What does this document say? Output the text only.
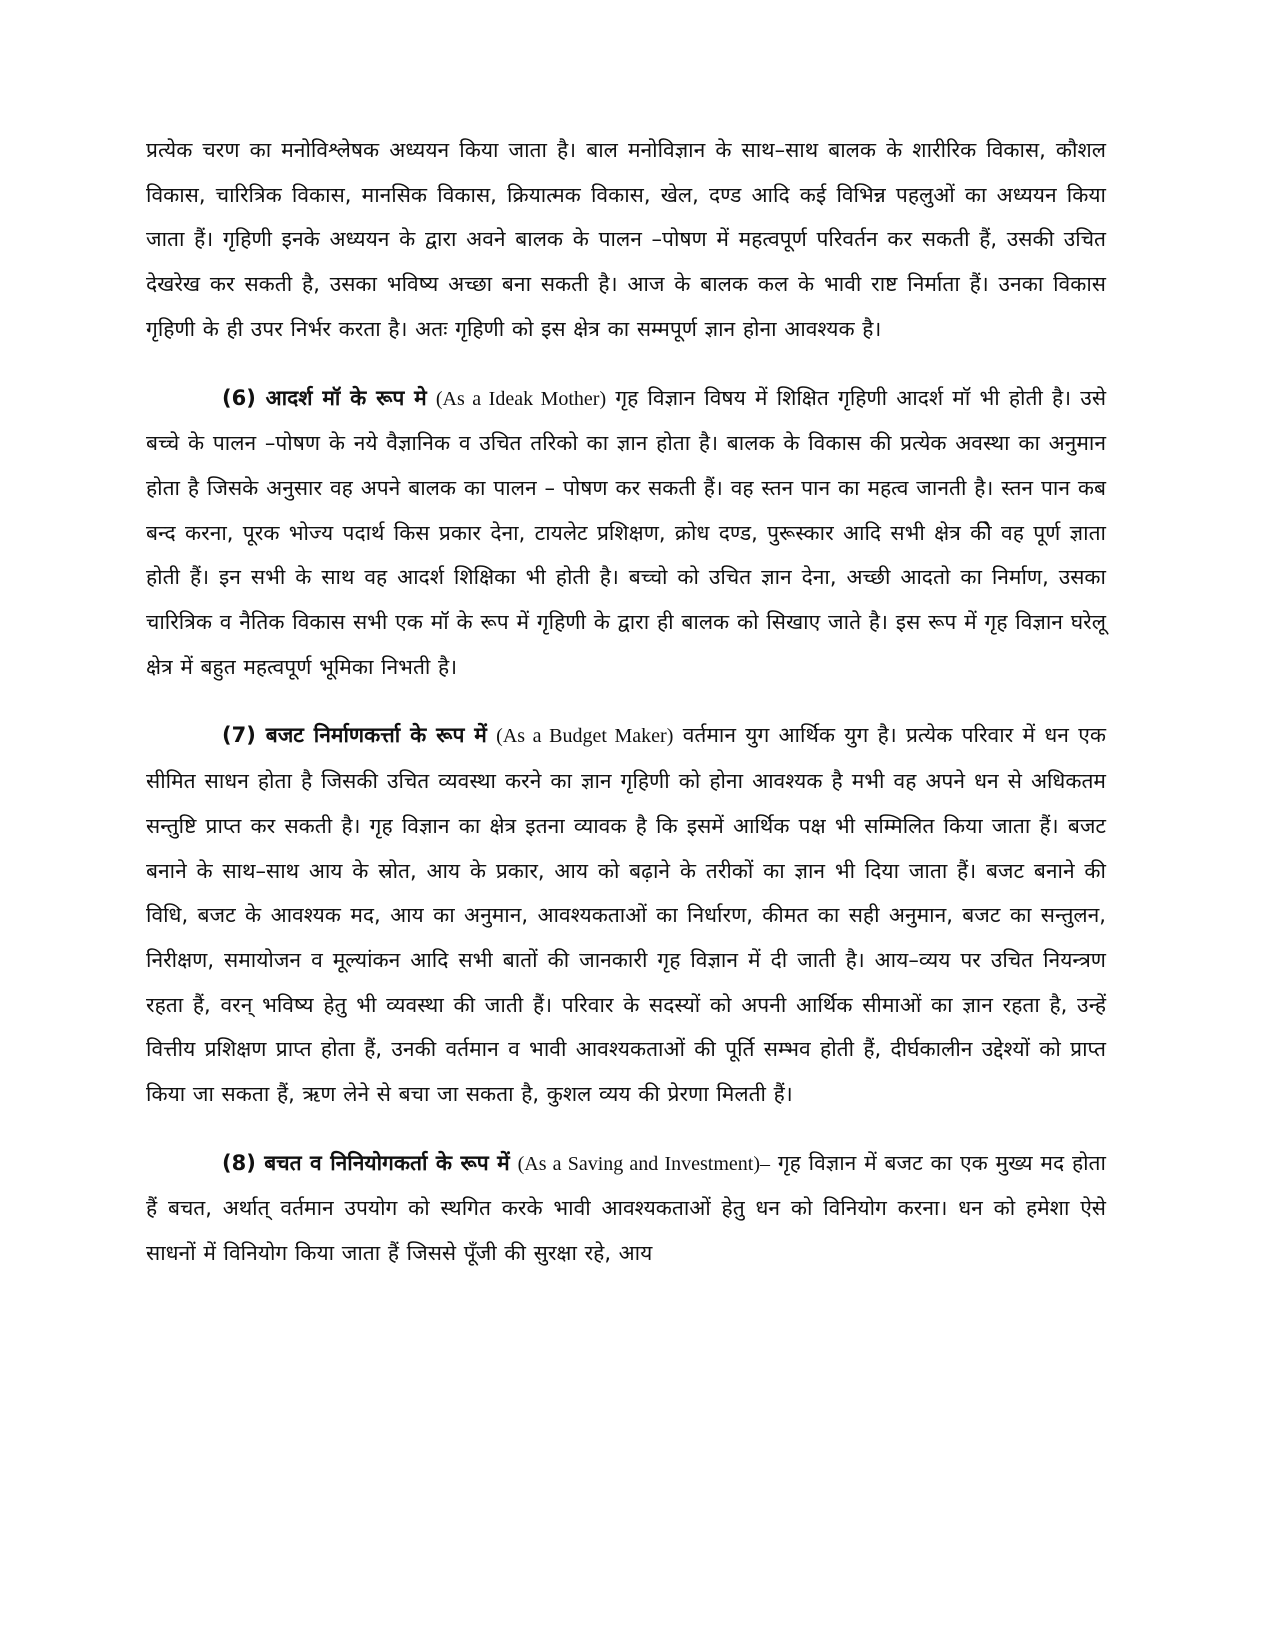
प्रत्येक चरण का मनोविश्लेषक अध्ययन किया जाता है। बाल मनोविज्ञान के साथ–साथ बालक के शारीरिक विकास, कौशल विकास, चारित्रिक विकास, मानसिक विकास, क्रियात्मक विकास, खेल, दण्ड आदि कई विभिन्न पहलुओं का अध्ययन किया जाता हैं। गृहिणी इनके अध्ययन के द्वारा अवने बालक के पालन –पोषण में महत्वपूर्ण परिवर्तन कर सकती हैं, उसकी उचित देखरेख कर सकती है, उसका भविष्य अच्छा बना सकती है। आज के बालक कल के भावी राष्ट निर्माता हैं। उनका विकास गृहिणी के ही उपर निर्भर करता है। अतः गृहिणी को इस क्षेत्र का सम्मपूर्ण ज्ञान होना आवश्यक है।

(6) आदर्श मॉ के रूप मे (As a Ideak Mother) गृह विज्ञान विषय में शिक्षित गृहिणी आदर्श मॉ भी होती है। उसे बच्चे के पालन –पोषण के नये वैज्ञानिक व उचित तरिको का ज्ञान होता है। बालक के विकास की प्रत्येक अवस्था का अनुमान होता है जिसके अनुसार वह अपने बालक का पालन – पोषण कर सकती हैं। वह स्तन पान का महत्व जानती है। स्तन पान कब बन्द करना, पूरक भोज्य पदार्थ किस प्रकार देना, टायलेट प्रशिक्षण, क्रोध दण्ड, पुरूस्कार आदि सभी क्षेत्र कीे वह पूर्ण ज्ञाता होती हैं। इन सभी के साथ वह आदर्श शिक्षिका भी होती है। बच्चो को उचित ज्ञान देना, अच्छी आदतो का निर्माण, उसका चारित्रिक व नैतिक विकास सभी एक मॉ के रूप में गृहिणी के द्वारा ही बालक को सिखाए जाते है। इस रूप में गृह विज्ञान घरेलू क्षेत्र में बहुत महत्वपूर्ण भूमिका निभती है।

(7) बजट निर्माणकर्त्ता के रूप में (As a Budget Maker) वर्तमान युग आर्थिक युग है। प्रत्येक परिवार में धन एक सीमित साधन होता है जिसकी उचित व्यवस्था करने का ज्ञान गृहिणी को होना आवश्यक है मभी वह अपने धन से अधिकतम सन्तुष्टि प्राप्त कर सकती है। गृह विज्ञान का क्षेत्र इतना व्यावक है कि इसमें आर्थिक पक्ष भी सम्मिलित किया जाता हैं। बजट बनाने के साथ–साथ आय के स्रोत, आय के प्रकार, आय को बढ़ाने के तरीकों का ज्ञान भी दिया जाता हैं। बजट बनाने की विधि, बजट के आवश्यक मद, आय का अनुमान, आवश्यकताओं का निर्धारण, कीमत का सही अनुमान, बजट का सन्तुलन, निरीक्षण, समायोजन व मूल्यांकन आदि सभी बातों की जानकारी गृह विज्ञान में दी जाती है। आय–व्यय पर उचित नियन्त्रण रहता हैं, वरन् भविष्य हेतु भी व्यवस्था की जाती हैं। परिवार के सदस्यों को अपनी आर्थिक सीमाओं का ज्ञान रहता है, उन्हें वित्तीय प्रशिक्षण प्राप्त होता हैं, उनकी वर्तमान व भावी आवश्यकताओं की पूर्ति सम्भव होती हैं, दीर्घकालीन उद्देश्यों को प्राप्त किया जा सकता हैं, ऋण लेने से बचा जा सकता है, कुशल व्यय की प्रेरणा मिलती हैं।

(8) बचत व निनियोगकर्ता के रूप में (As a Saving and Investment)– गृह विज्ञान में बजट का एक मुख्य मद होता हैं बचत, अर्थात् वर्तमान उपयोग को स्थगित करके भावी आवश्यकताओं हेतु धन को विनियोग करना। धन को हमेशा ऐसे साधनों में विनियोग किया जाता हैं जिससे पूँजी की सुरक्षा रहे, आय
